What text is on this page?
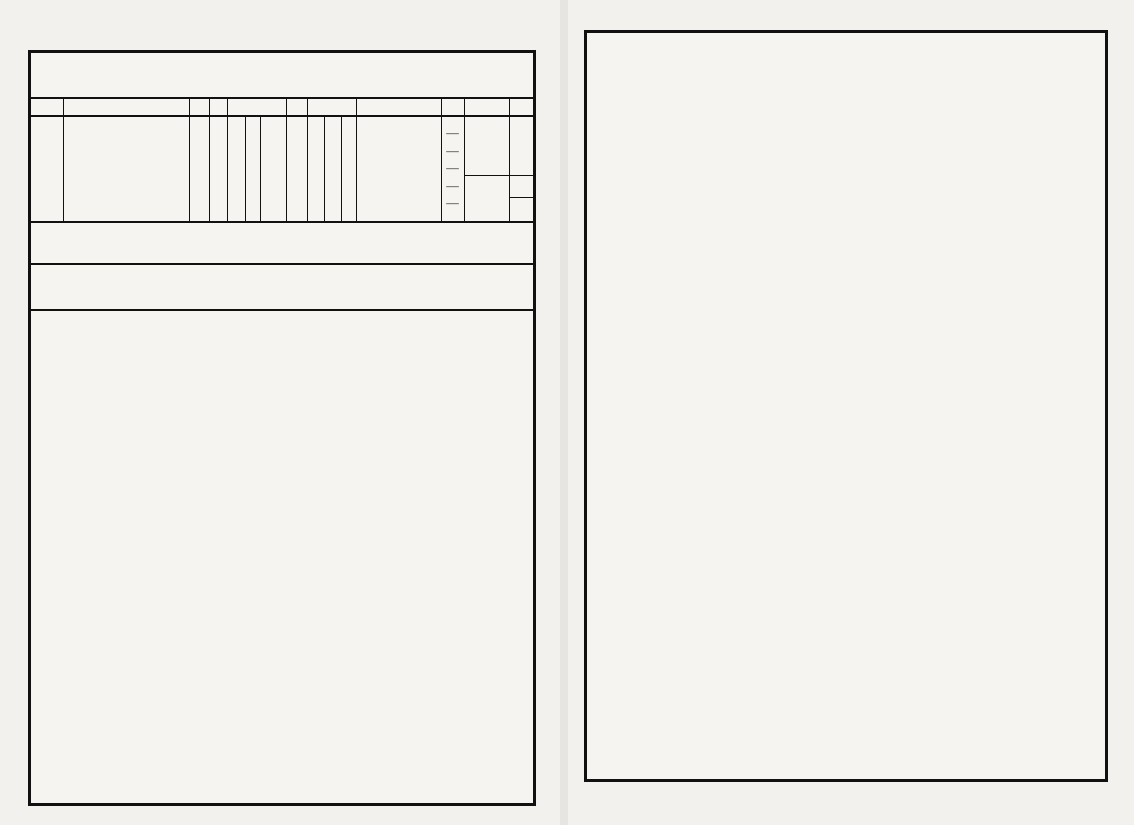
—
—
—
—
—
